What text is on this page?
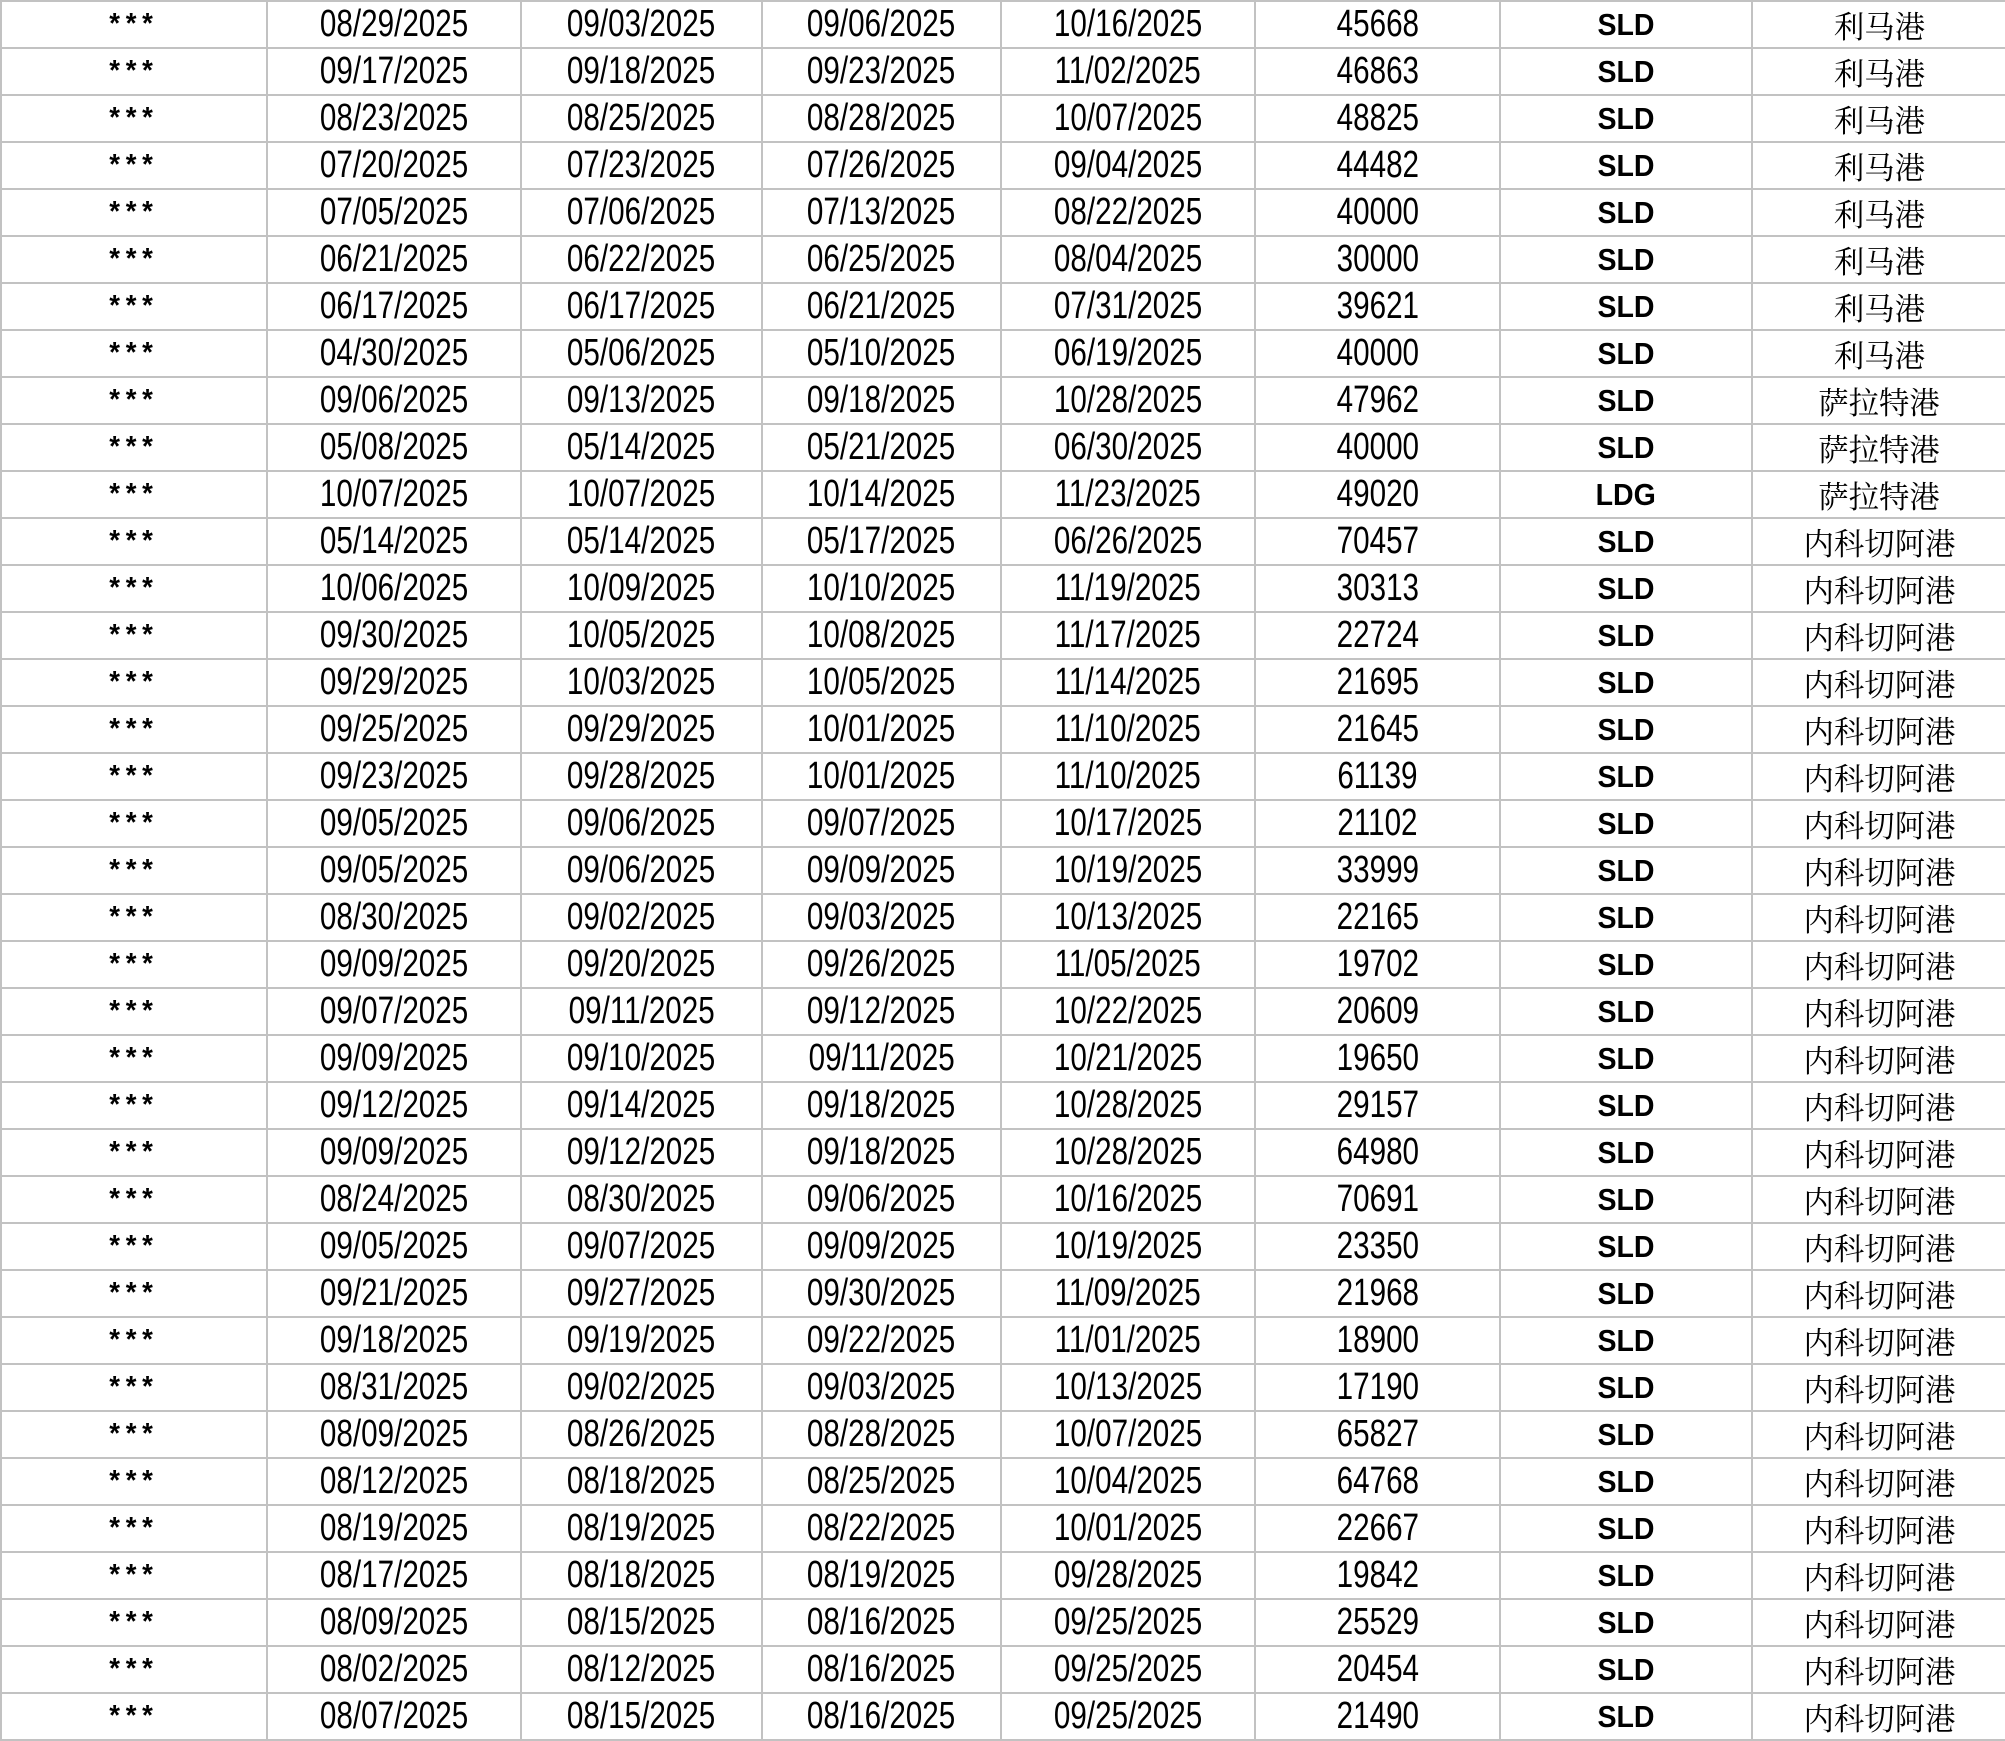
***	08/29/2025	09/03/2025	09/06/2025	10/16/2025	45668	SLD	利马港
***	09/17/2025	09/18/2025	09/23/2025	11/02/2025	46863	SLD	利马港
***	08/23/2025	08/25/2025	08/28/2025	10/07/2025	48825	SLD	利马港
***	07/20/2025	07/23/2025	07/26/2025	09/04/2025	44482	SLD	利马港
***	07/05/2025	07/06/2025	07/13/2025	08/22/2025	40000	SLD	利马港
***	06/21/2025	06/22/2025	06/25/2025	08/04/2025	30000	SLD	利马港
***	06/17/2025	06/17/2025	06/21/2025	07/31/2025	39621	SLD	利马港
***	04/30/2025	05/06/2025	05/10/2025	06/19/2025	40000	SLD	利马港
***	09/06/2025	09/13/2025	09/18/2025	10/28/2025	47962	SLD	萨拉特港
***	05/08/2025	05/14/2025	05/21/2025	06/30/2025	40000	SLD	萨拉特港
***	10/07/2025	10/07/2025	10/14/2025	11/23/2025	49020	LDG	萨拉特港
***	05/14/2025	05/14/2025	05/17/2025	06/26/2025	70457	SLD	内科切阿港
***	10/06/2025	10/09/2025	10/10/2025	11/19/2025	30313	SLD	内科切阿港
***	09/30/2025	10/05/2025	10/08/2025	11/17/2025	22724	SLD	内科切阿港
***	09/29/2025	10/03/2025	10/05/2025	11/14/2025	21695	SLD	内科切阿港
***	09/25/2025	09/29/2025	10/01/2025	11/10/2025	21645	SLD	内科切阿港
***	09/23/2025	09/28/2025	10/01/2025	11/10/2025	61139	SLD	内科切阿港
***	09/05/2025	09/06/2025	09/07/2025	10/17/2025	21102	SLD	内科切阿港
***	09/05/2025	09/06/2025	09/09/2025	10/19/2025	33999	SLD	内科切阿港
***	08/30/2025	09/02/2025	09/03/2025	10/13/2025	22165	SLD	内科切阿港
***	09/09/2025	09/20/2025	09/26/2025	11/05/2025	19702	SLD	内科切阿港
***	09/07/2025	09/11/2025	09/12/2025	10/22/2025	20609	SLD	内科切阿港
***	09/09/2025	09/10/2025	09/11/2025	10/21/2025	19650	SLD	内科切阿港
***	09/12/2025	09/14/2025	09/18/2025	10/28/2025	29157	SLD	内科切阿港
***	09/09/2025	09/12/2025	09/18/2025	10/28/2025	64980	SLD	内科切阿港
***	08/24/2025	08/30/2025	09/06/2025	10/16/2025	70691	SLD	内科切阿港
***	09/05/2025	09/07/2025	09/09/2025	10/19/2025	23350	SLD	内科切阿港
***	09/21/2025	09/27/2025	09/30/2025	11/09/2025	21968	SLD	内科切阿港
***	09/18/2025	09/19/2025	09/22/2025	11/01/2025	18900	SLD	内科切阿港
***	08/31/2025	09/02/2025	09/03/2025	10/13/2025	17190	SLD	内科切阿港
***	08/09/2025	08/26/2025	08/28/2025	10/07/2025	65827	SLD	内科切阿港
***	08/12/2025	08/18/2025	08/25/2025	10/04/2025	64768	SLD	内科切阿港
***	08/19/2025	08/19/2025	08/22/2025	10/01/2025	22667	SLD	内科切阿港
***	08/17/2025	08/18/2025	08/19/2025	09/28/2025	19842	SLD	内科切阿港
***	08/09/2025	08/15/2025	08/16/2025	09/25/2025	25529	SLD	内科切阿港
***	08/02/2025	08/12/2025	08/16/2025	09/25/2025	20454	SLD	内科切阿港
***	08/07/2025	08/15/2025	08/16/2025	09/25/2025	21490	SLD	内科切阿港
